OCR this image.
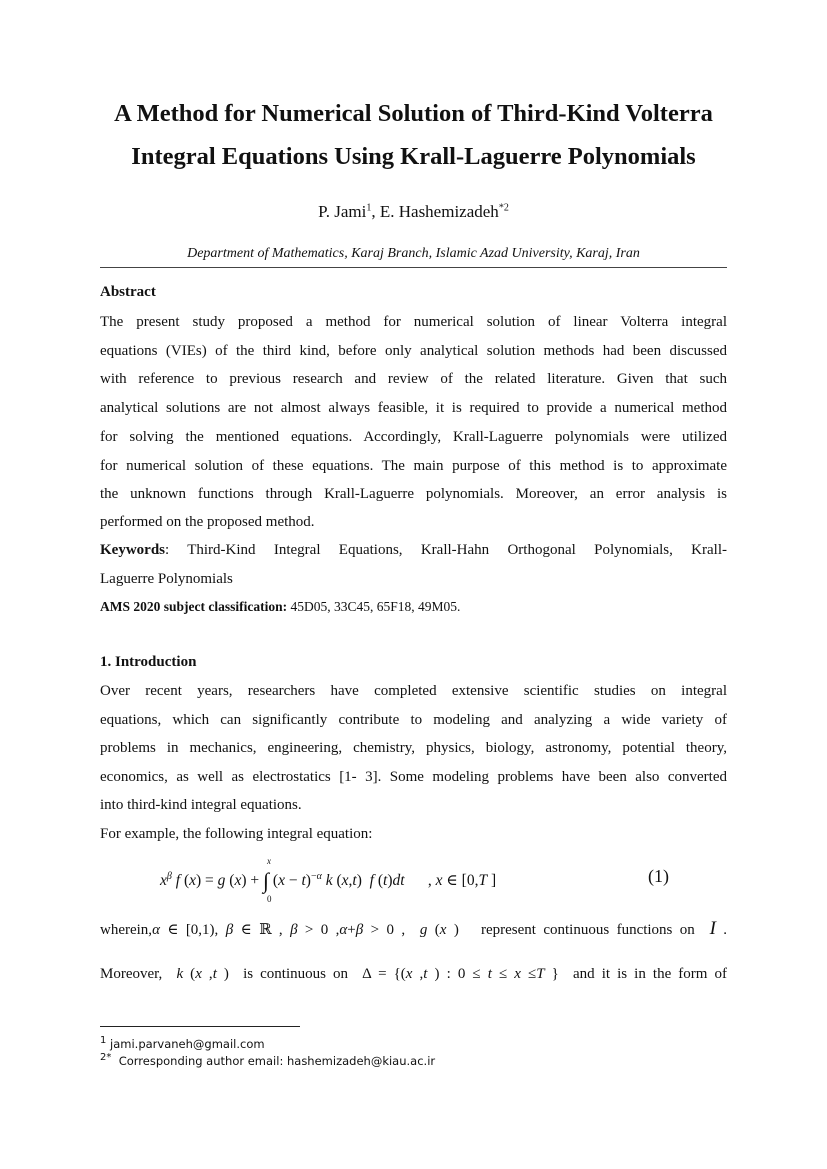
A Method for Numerical Solution of Third-Kind Volterra
Integral Equations Using Krall-Laguerre Polynomials
P. Jami$^1$, E. Hashemizadeh$^{*2}$
Department of Mathematics, Karaj Branch, Islamic Azad University, Karaj, Iran
Abstract
The present study proposed a method for numerical solution of linear Volterra integral
equations (VIEs) of the third kind, before only analytical solution methods had been discussed
with reference to previous research and review of the related literature. Given that such
analytical solutions are not almost always feasible, it is required to provide a numerical method
for solving the mentioned equations. Accordingly, Krall-Laguerre polynomials were utilized
for numerical solution of these equations. The main purpose of this method is to approximate
the unknown functions through Krall-Laguerre polynomials. Moreover, an error analysis is
performed on the proposed method.
Keywords: Third-Kind Integral Equations, Krall-Hahn Orthogonal Polynomials, Krall-
Laguerre Polynomials
AMS 2020 subject classification: 45D05, 33C45, 65F18, 49M05.
1. Introduction
Over recent years, researchers have completed extensive scientific studies on integral
equations, which can significantly contribute to modeling and analyzing a wide variety of
problems in mechanics, engineering, chemistry, physics, biology, astronomy, potential theory,
economics, as well as electrostatics [1- 3]. Some modeling problems have been also converted
into third-kind integral equations.
For example, the following integral equation:
$x^\beta$ f (x) = g (x) + ∫
x
0
$(x - t)^{-\alpha}$ k (x,t)  f (t)dt      , x ∈ [0,T ]	(1)
wherein,α ∈ [0,1), β ∈ ℝ , β > 0 ,α+β > 0 ,  g (x )   represent continuous functions on I .
Moreover, k (x ,t )  is continuous on  Δ = {(x ,t ) : 0 ≤ t ≤ x ≤T }  and it is in the form of
$^1$ jami.parvaneh@gmail.com
$^{2*}$ Corresponding author email: hashemizadeh@kiau.ac.ir
